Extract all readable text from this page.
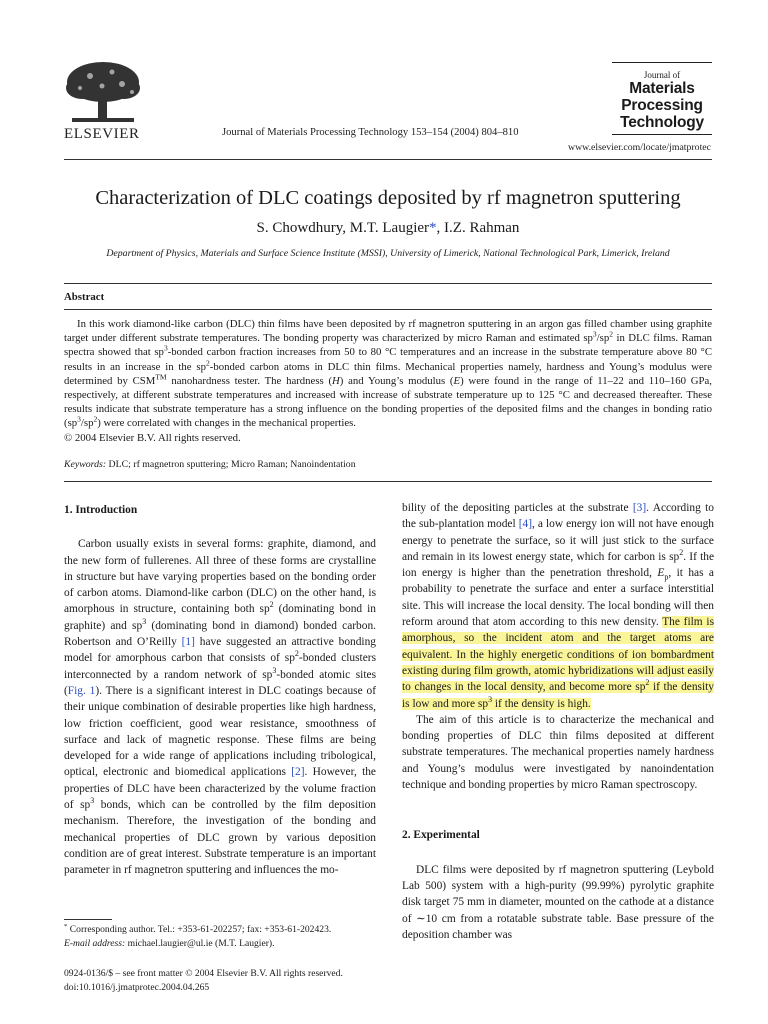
ELSEVIER	Journal of Materials Processing Technology 153–154 (2004) 804–810
Journal of
Materials
Processing
Technology
www.elsevier.com/locate/jmatprotec
Characterization of DLC coatings deposited by rf magnetron sputtering
S. Chowdhury, M.T. Laugier*, I.Z. Rahman
Department of Physics, Materials and Surface Science Institute (MSSI), University of Limerick, National Technological Park, Limerick, Ireland
Abstract

In this work diamond-like carbon (DLC) thin films have been deposited by rf magnetron sputtering in an argon gas filled chamber using graphite target under different substrate temperatures. The bonding property was characterized by micro Raman and estimated $sp^3/sp^2$ in DLC films. Raman spectra showed that $sp^3$-bonded carbon fraction increases from 50 to 80 °C temperatures and an increase in the substrate temperature above 80 °C results in an increase in the $sp^2$-bonded carbon atoms in DLC thin films. Mechanical properties namely, hardness and Young’s modulus were determined by CSM™ nanohardness tester. The hardness (H) and Young’s modulus (E) were found in the range of 11–22 and 110–160 GPa, respectively, at different substrate temperatures and increased with increase of substrate temperature up to 125 °C and decreased thereafter. These results indicate that substrate temperature has a strong influence on the bonding properties of the deposited films and the changes in bonding ratio $(sp^3/sp^2)$ were correlated with changes in the mechanical properties.

© 2004 Elsevier B.V. All rights reserved.

Keywords: DLC; rf magnetron sputtering; Micro Raman; Nanoindentation
1. Introduction

Carbon usually exists in several forms: graphite, diamond, and the new form of fullerenes. All three of these forms are crystalline in structure but have varying properties based on the bonding order of carbon atoms. Diamond-like carbon (DLC) on the other hand, is amorphous in structure, containing both $sp^2$ (dominating bond in graphite) and $sp^3$ (dominating bond in diamond) bonded carbon. Robertson and O’Reilly [1] have suggested an attractive bonding model for amorphous carbon that consists of $sp^2$-bonded clusters interconnected by a random network of $sp^3$-bonded atomic sites (Fig. 1). There is a significant interest in DLC coatings because of their unique combination of desirable properties like high hardness, low friction coefficient, good wear resistance, smoothness of surface and lack of magnetic response. These films are being developed for a wide range of applications including tribological, optical, electronic and biomedical applications [2]. However, the properties of DLC have been characterized by the volume fraction of $sp^3$ bonds, which can be controlled by the film deposition mechanism. Therefore, the investigation of the bonding and mechanical properties of DLC grown by various deposition condition are of great interest. Substrate temperature is an important parameter in rf magnetron sputtering and influences the mo-

* Corresponding author. Tel.: +353-61-202257; fax: +353-61-202423.
E-mail address: michael.laugier@ul.ie (M.T. Laugier).
0924-0136/$ – see front matter © 2004 Elsevier B.V. All rights reserved.
doi:10.1016/j.jmatprotec.2004.04.265

bility of the depositing particles at the substrate [3]. According to the sub-plantation model [4], a low energy ion will not have enough energy to penetrate the surface, so it will just stick to the surface and remain in its lowest energy state, which for carbon is $sp^2$. If the ion energy is higher than the penetration threshold, $E_p$, it has a probability to penetrate the surface and enter a surface interstitial site. This will increase the local density. The local bonding will then reform around that atom according to this new density. The film is amorphous, so the incident atom and the target atoms are equivalent. In the highly energetic conditions of ion bombardment existing during film growth, atomic hybridizations will adjust easily to changes in the local density, and become more $sp^2$ if the density is low and more $sp^3$ if the density is high.

The aim of this article is to characterize the mechanical and bonding properties of DLC thin films deposited at different substrate temperatures. The mechanical properties namely hardness and Young’s modulus were investigated by nanoindentation technique and bonding properties by micro Raman spectroscopy.

2. Experimental

DLC films were deposited by rf magnetron sputtering (Leybold Lab 500) system with a high-purity (99.99%) pyrolytic graphite disk target 75 mm in diameter, mounted on the cathode at a distance of ∼10 cm from a rotatable substrate table. Base pressure of the deposition chamber was
